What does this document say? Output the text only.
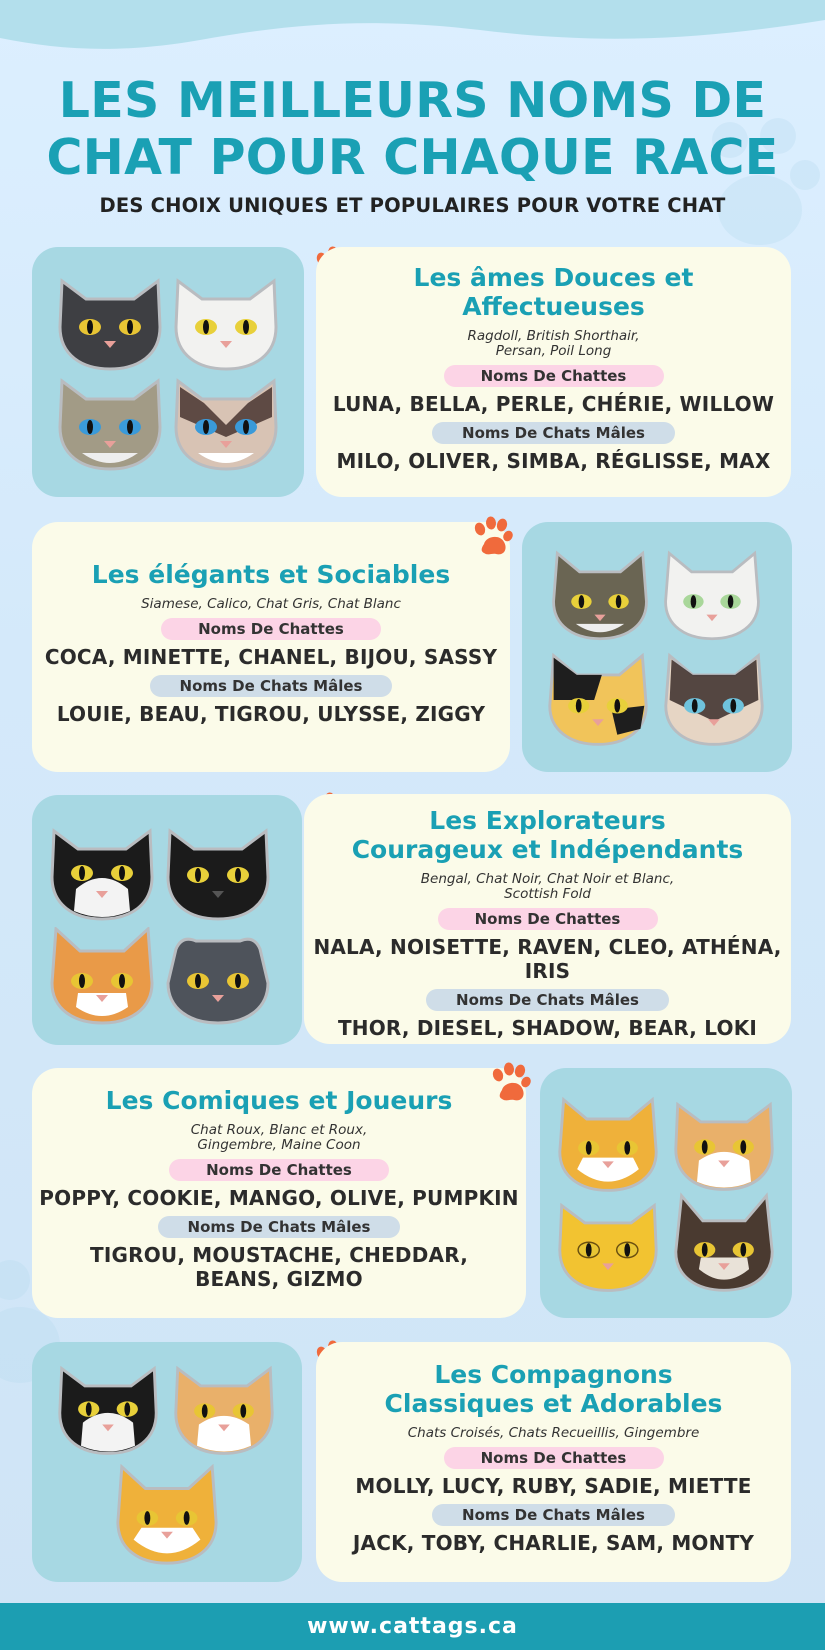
LES MEILLEURS NOMS DE
CHAT POUR CHAQUE RACE
DES CHOIX UNIQUES ET POPULAIRES POUR VOTRE CHAT
Les âmes Douces et
Affectueuses
Ragdoll, British Shorthair,
Persan, Poil Long
Noms De Chattes
LUNA, BELLA, PERLE, CHÉRIE, WILLOW
Noms De Chats Mâles
MILO, OLIVER, SIMBA, RÉGLISSE, MAX
Les élégants et Sociables
Siamese, Calico, Chat Gris, Chat Blanc
Noms De Chattes
COCA, MINETTE, CHANEL, BIJOU, SASSY
Noms De Chats Mâles
LOUIE, BEAU, TIGROU, ULYSSE, ZIGGY
Les Explorateurs
Courageux et Indépendants
Bengal, Chat Noir, Chat Noir et Blanc,
Scottish Fold
Noms De Chattes
NALA, NOISETTE, RAVEN, CLEO, ATHÉNA, IRIS
Noms De Chats Mâles
THOR, DIESEL, SHADOW, BEAR, LOKI
Les Comiques et Joueurs
Chat Roux, Blanc et Roux,
Gingembre, Maine Coon
Noms De Chattes
POPPY, COOKIE, MANGO, OLIVE, PUMPKIN
Noms De Chats Mâles
TIGROU, MOUSTACHE, CHEDDAR,
BEANS, GIZMO
Les Compagnons
Classiques et Adorables
Chats Croisés, Chats Recueillis, Gingembre
Noms De Chattes
MOLLY, LUCY, RUBY, SADIE, MIETTE
Noms De Chats Mâles
JACK, TOBY, CHARLIE, SAM, MONTY
www.cattags.ca
